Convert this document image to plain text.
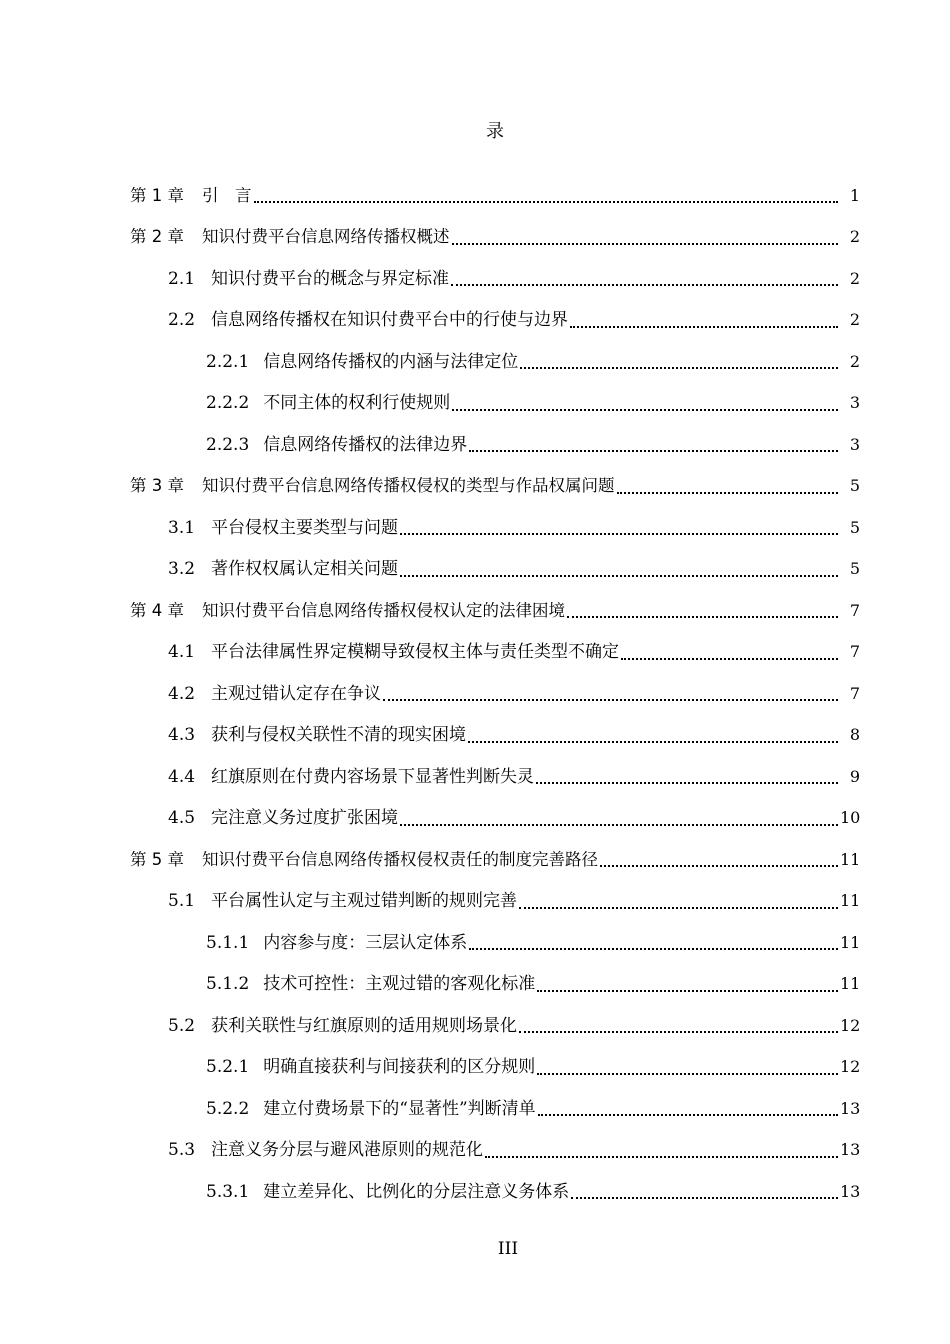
录
第 1 章 引　言	1
第 2 章 知识付费平台信息网络传播权概述	2
2.1 知识付费平台的概念与界定标准	2
2.2 信息网络传播权在知识付费平台中的行使与边界	2
2.2.1 信息网络传播权的内涵与法律定位	2
2.2.2 不同主体的权利行使规则	3
2.2.3 信息网络传播权的法律边界	3
第 3 章 知识付费平台信息网络传播权侵权的类型与作品权属问题	5
3.1 平台侵权主要类型与问题	5
3.2 著作权权属认定相关问题	5
第 4 章 知识付费平台信息网络传播权侵权认定的法律困境	7
4.1 平台法律属性界定模糊导致侵权主体与责任类型不确定	7
4.2 主观过错认定存在争议	7
4.3 获利与侵权关联性不清的现实困境	8
4.4 红旗原则在付费内容场景下显著性判断失灵	9
4.5 完注意义务过度扩张困境	10
第 5 章 知识付费平台信息网络传播权侵权责任的制度完善路径	11
5.1 平台属性认定与主观过错判断的规则完善	11
5.1.1 内容参与度：三层认定体系	11
5.1.2 技术可控性：主观过错的客观化标准	11
5.2 获利关联性与红旗原则的适用规则场景化	12
5.2.1 明确直接获利与间接获利的区分规则	12
5.2.2 建立付费场景下的“显著性”判断清单	13
5.3 注意义务分层与避风港原则的规范化	13
5.3.1 建立差异化、比例化的分层注意义务体系	13
III
